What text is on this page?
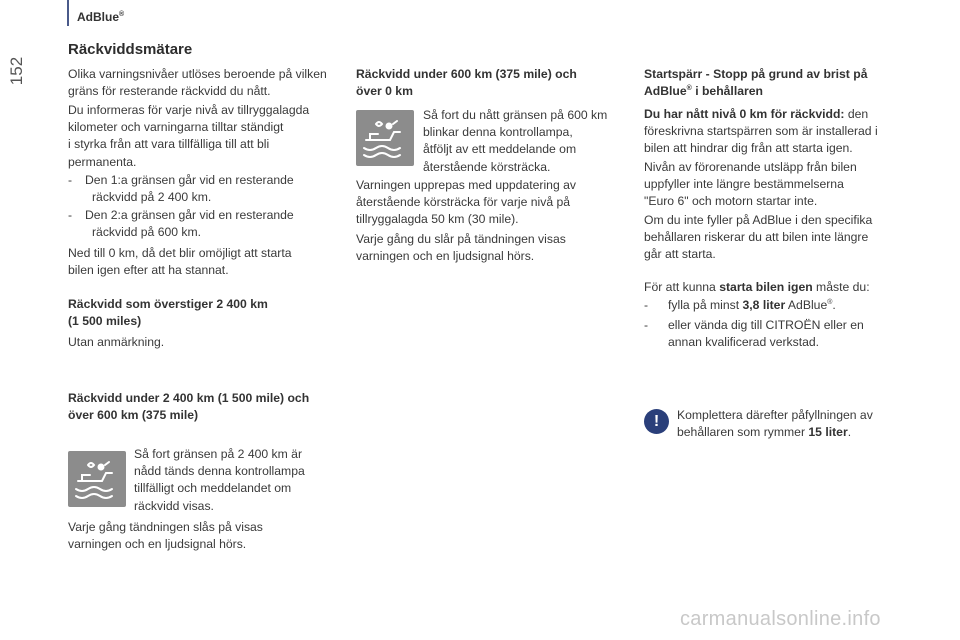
AdBlue®
152
Räckviddsmätare

Olika varningsnivåer utlöses beroende på vilken gräns för resterande räckvidd du nått.

Du informeras för varje nivå av tillryggalagda
kilometer och varningarna tilltar ständigt
i styrka från att vara tillfälliga till att bli
permanenta.
- Den 1:a gränsen går vid en resterande
räckvidd på 2 400 km.
- Den 2:a gränsen går vid en resterande
räckvidd på 600 km.
Ned till 0 km, då det blir omöjligt att starta
bilen igen efter att ha stannat.
Räckvidd som överstiger 2 400 km
(1 500 miles)

Utan anmärkning.

Räckvidd under 2 400 km (1 500 mile) och
över 600 km (375 mile)
Så fort gränsen på 2 400 km är
nådd tänds denna kontrollampa
tillfälligt och meddelandet om
räckvidd visas.
Varje gång tändningen slås på visas
varningen och en ljudsignal hörs.
Räckvidd under 600 km (375 mile) och
över 0 km
Så fort du nått gränsen på 600 km
blinkar denna kontrollampa,
åtföljt av ett meddelande om
återstående körsträcka.
Varningen upprepas med uppdatering av
återstående körsträcka för varje nivå på
tillryggalagda 50 km (30 mile).
Varje gång du slår på tändningen visas
varningen och en ljudsignal hörs.
Startspärr - Stopp på grund av brist på
AdBlue® i behållaren
Du har nått nivå 0 km för räckvidd: den
föreskrivna startspärren som är installerad i
bilen att hindrar dig från att starta igen.
Nivån av förorenande utsläpp från bilen
uppfyller inte längre bestämmelserna
"Euro 6" och motorn startar inte.
Om du inte fyller på AdBlue i den specifika
behållaren riskerar du att bilen inte längre
går att starta.
För att kunna starta bilen igen måste du:
- fylla på minst 3,8 liter AdBlue®.
- eller vända dig till CITROËN eller en
annan kvalificerad verkstad.
!	Komplettera därefter påfyllningen av
behållaren som rymmer 15 liter.
carmanualsonline.info
